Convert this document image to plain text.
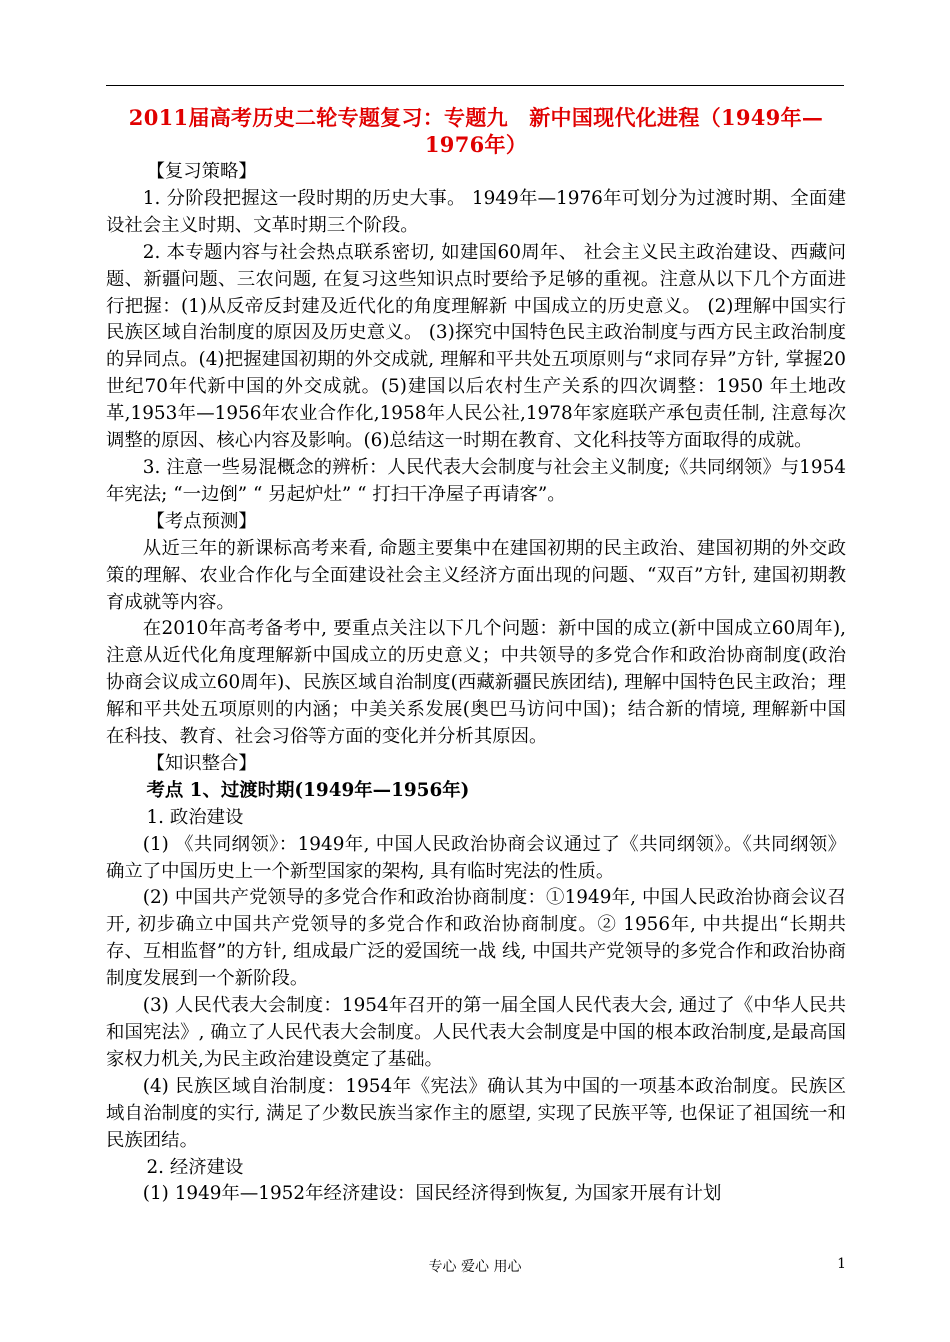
2011届高考历史二轮专题复习：专题九　新中国现代化进程（1949年—1976年）

【复习策略】

1. 分阶段把握这一段时期的历史大事。 1949年—1976年可划分为过渡时期、全面建设社会主义时期、文革时期三个阶段。

2. 本专题内容与社会热点联系密切, 如建国60周年、 社会主义民主政治建设、西藏问题、新疆问题、三农问题, 在复习这些知识点时要给予足够的重视。注意从以下几个方面进行把握：(1)从反帝反封建及近代化的角度理解新 中国成立的历史意义。 (2)理解中国实行民族区域自治制度的原因及历史意义。 (3)探究中国特色民主政治制度与西方民主政治制度的异同点。(4)把握建国初期的外交成就, 理解和平共处五项原则与“求同存异”方针, 掌握20世纪70年代新中国的外交成就。(5)建国以后农村生产关系的四次调整：1950 年土地改革,1953年—1956年农业合作化,1958年人民公社,1978年家庭联产承包责任制, 注意每次调整的原因、核心内容及影响。(6)总结这一时期在教育、文化科技等方面取得的成就。

3. 注意一些易混概念的辨析：人民代表大会制度与社会主义制度;《共同纲领》与1954年宪法; “一边倒” “ 另起炉灶” “ 打扫干净屋子再请客”。

【考点预测】

从近三年的新课标高考来看, 命题主要集中在建国初期的民主政治、建国初期的外交政策的理解、农业合作化与全面建设社会主义经济方面出现的问题、“双百”方针, 建国初期教育成就等内容。

在2010年高考备考中, 要重点关注以下几个问题：新中国的成立(新中国成立60周年), 注意从近代化角度理解新中国成立的历史意义；中共领导的多党合作和政治协商制度(政治协商会议成立60周年)、民族区域自治制度(西藏新疆民族团结), 理解中国特色民主政治；理解和平共处五项原则的内涵；中美关系发展(奥巴马访问中国)；结合新的情境, 理解新中国在科技、教育、社会习俗等方面的变化并分析其原因。

【知识整合】

考点 1、过渡时期(1949年—1956年)

1. 政治建设

(1) 《共同纲领》：1949年, 中国人民政治协商会议通过了《共同纲领》。《共同纲领》确立了中国历史上一个新型国家的架构, 具有临时宪法的性质。

(2) 中国共产党领导的多党合作和政治协商制度：①1949年, 中国人民政治协商会议召开, 初步确立中国共产党领导的多党合作和政治协商制度。② 1956年, 中共提出“长期共存、互相监督”的方针, 组成最广泛的爱国统一战 线, 中国共产党领导的多党合作和政治协商制度发展到一个新阶段。

(3) 人民代表大会制度：1954年召开的第一届全国人民代表大会, 通过了《中华人民共和国宪法》, 确立了人民代表大会制度。人民代表大会制度是中国的根本政治制度,是最高国家权力机关,为民主政治建设奠定了基础。

(4) 民族区域自治制度：1954年《宪法》确认其为中国的一项基本政治制度。民族区域自治制度的实行, 满足了少数民族当家作主的愿望, 实现了民族平等, 也保证了祖国统一和民族团结。

2. 经济建设

(1) 1949年—1952年经济建设：国民经济得到恢复, 为国家开展有计划

专心 爱心 用心	1
